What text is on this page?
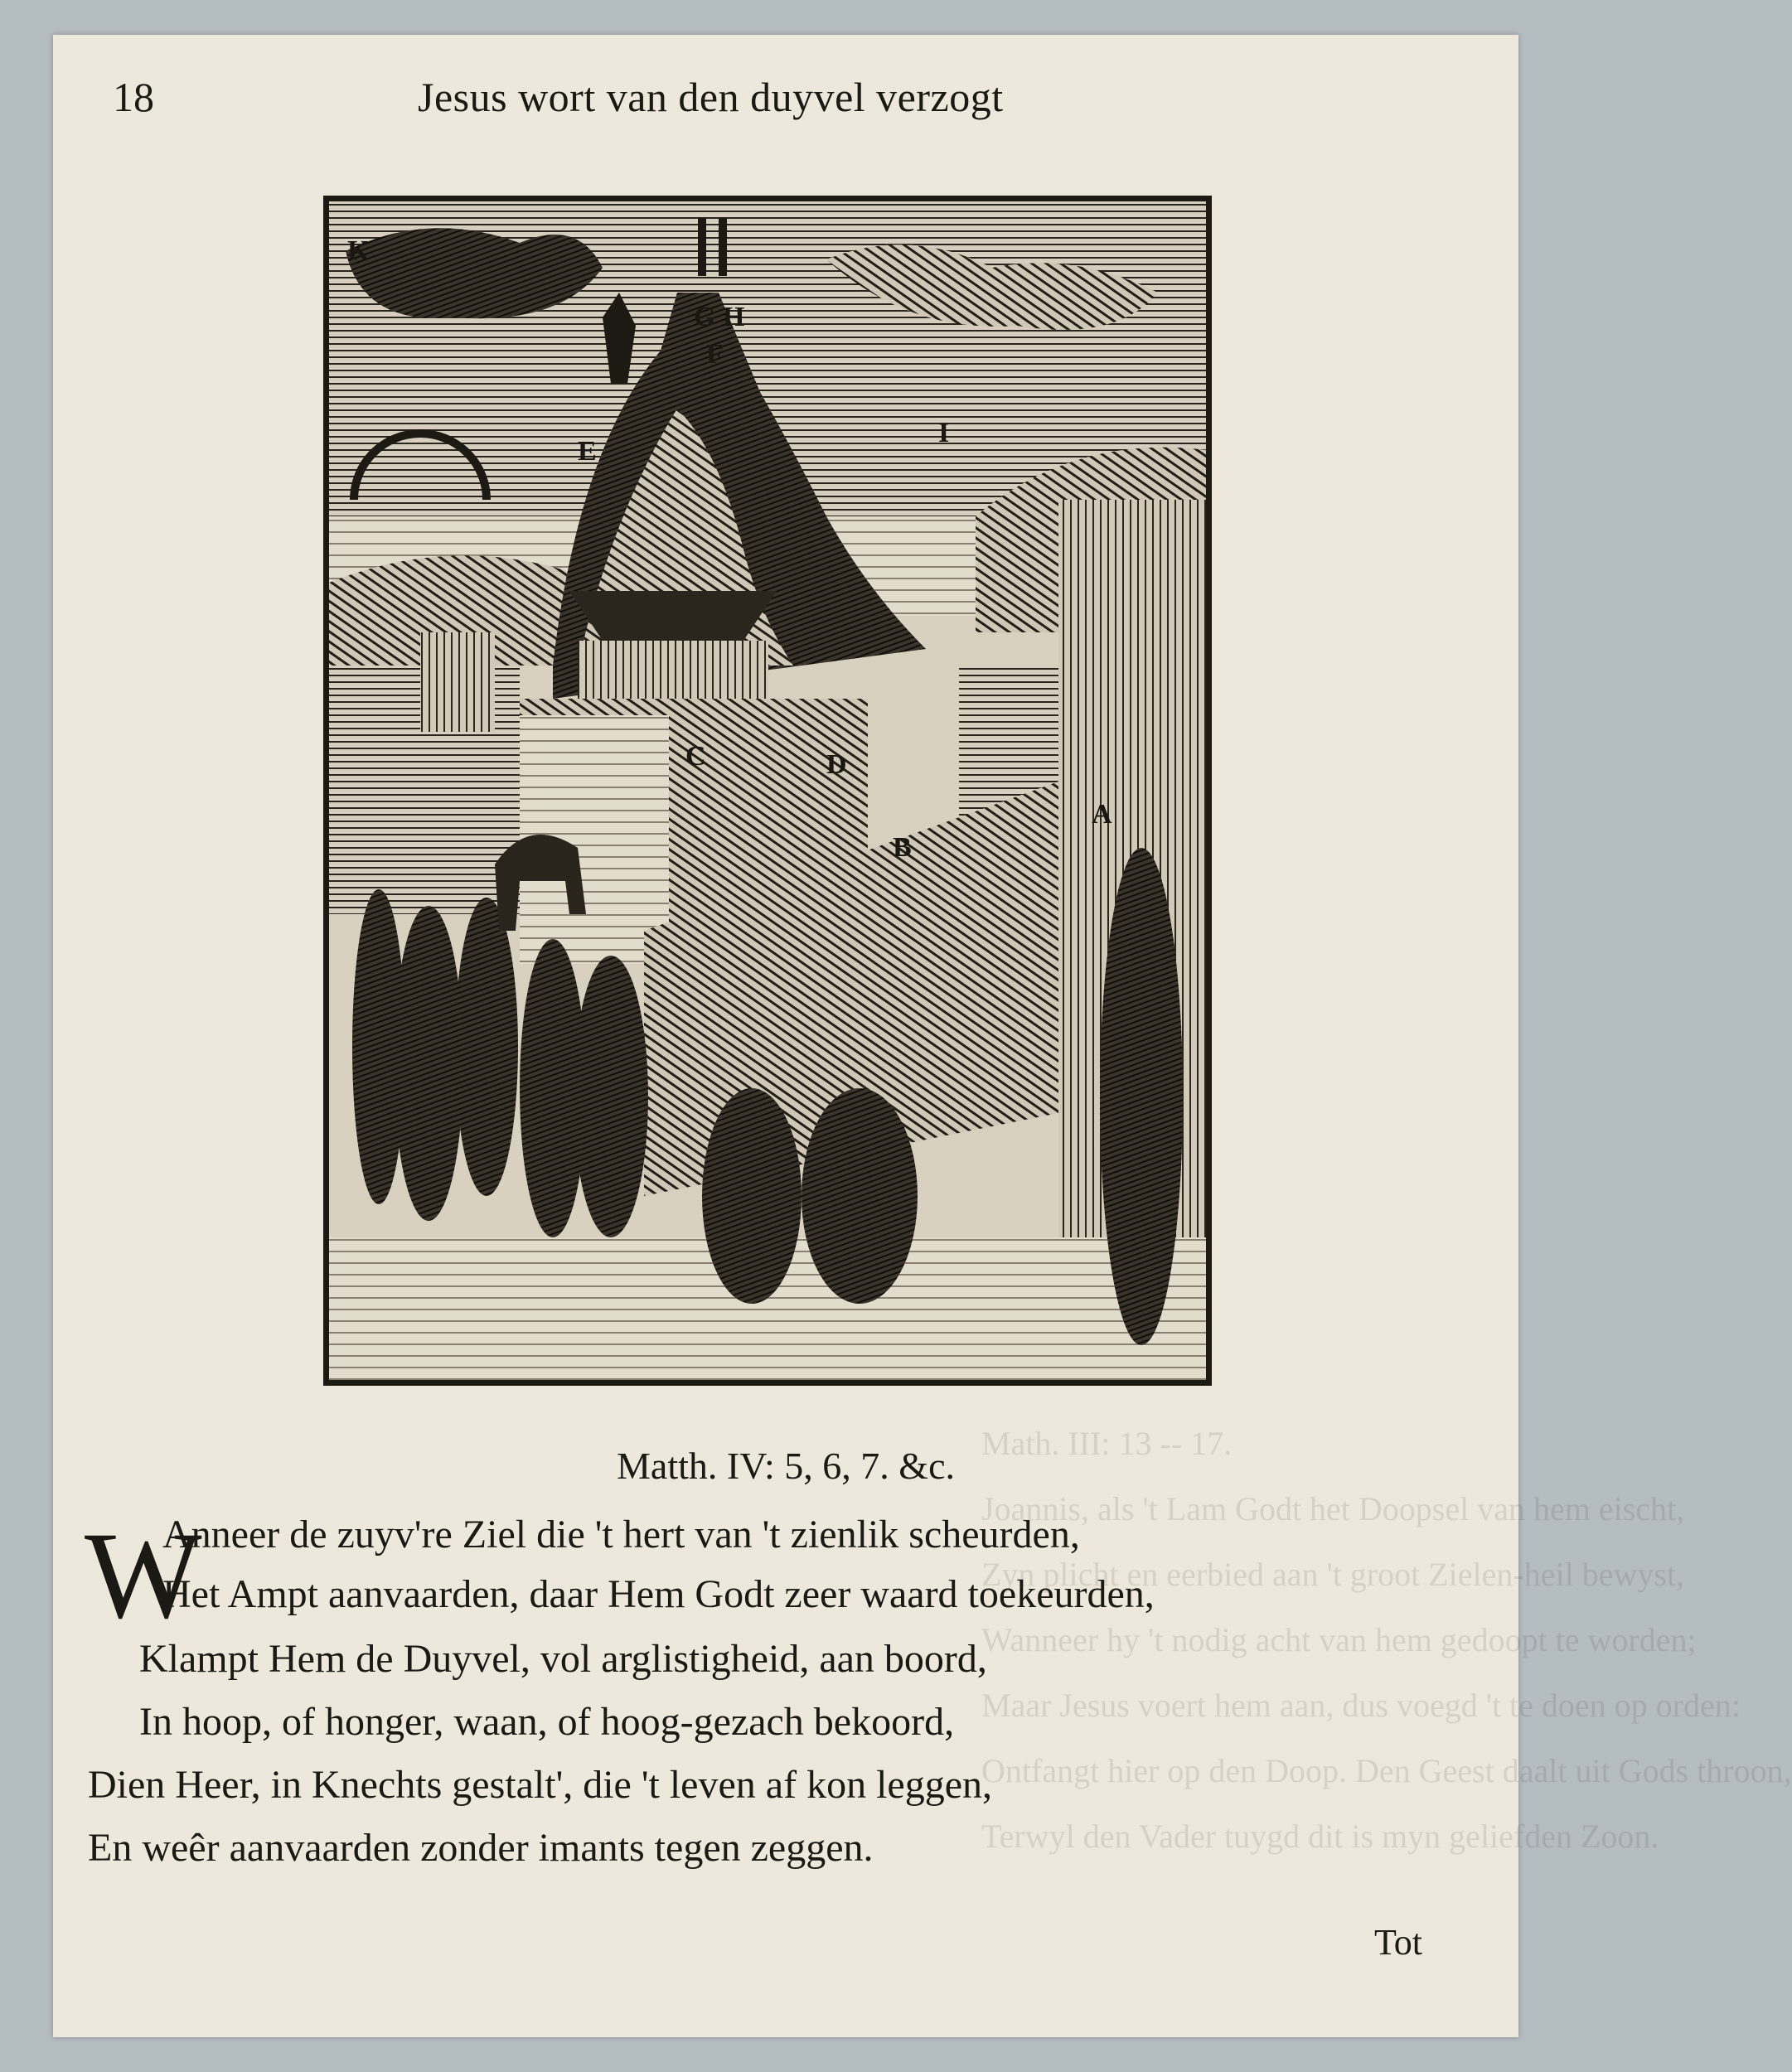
Math. III: 13 -- 17.
Joannis, als 't Lam Godt het Doopsel van hem eischt,
Zyn plicht en eerbied aan 't groot Zielen-heil bewyst,
Wanneer hy 't nodig acht van hem gedoopt te worden;
Maar Jesus voert hem aan, dus voegd 't te doen op orden:
Ontfangt hier op den Doop. Den Geest daalt uit Gods throon,
Terwyl den Vader tuygd dit is myn geliefden Zoon.
18	Jesus wort van den duyvel verzogt
K
G H
F
E
I
B
A
C	D
Matth. IV: 5, 6, 7. &c.
W
Anneer de zuyv're Ziel die 't hert van 't zienlik scheurden,
Het Ampt aanvaarden, daar Hem Godt zeer waard toekeurden,
Klampt Hem de Duyvel, vol arglistigheid, aan boord,
In hoop, of honger, waan, of hoog-gezach bekoord,
Dien Heer, in Knechts gestalt', die 't leven af kon leggen,
En weêr aanvaarden zonder imants tegen zeggen.
Tot
